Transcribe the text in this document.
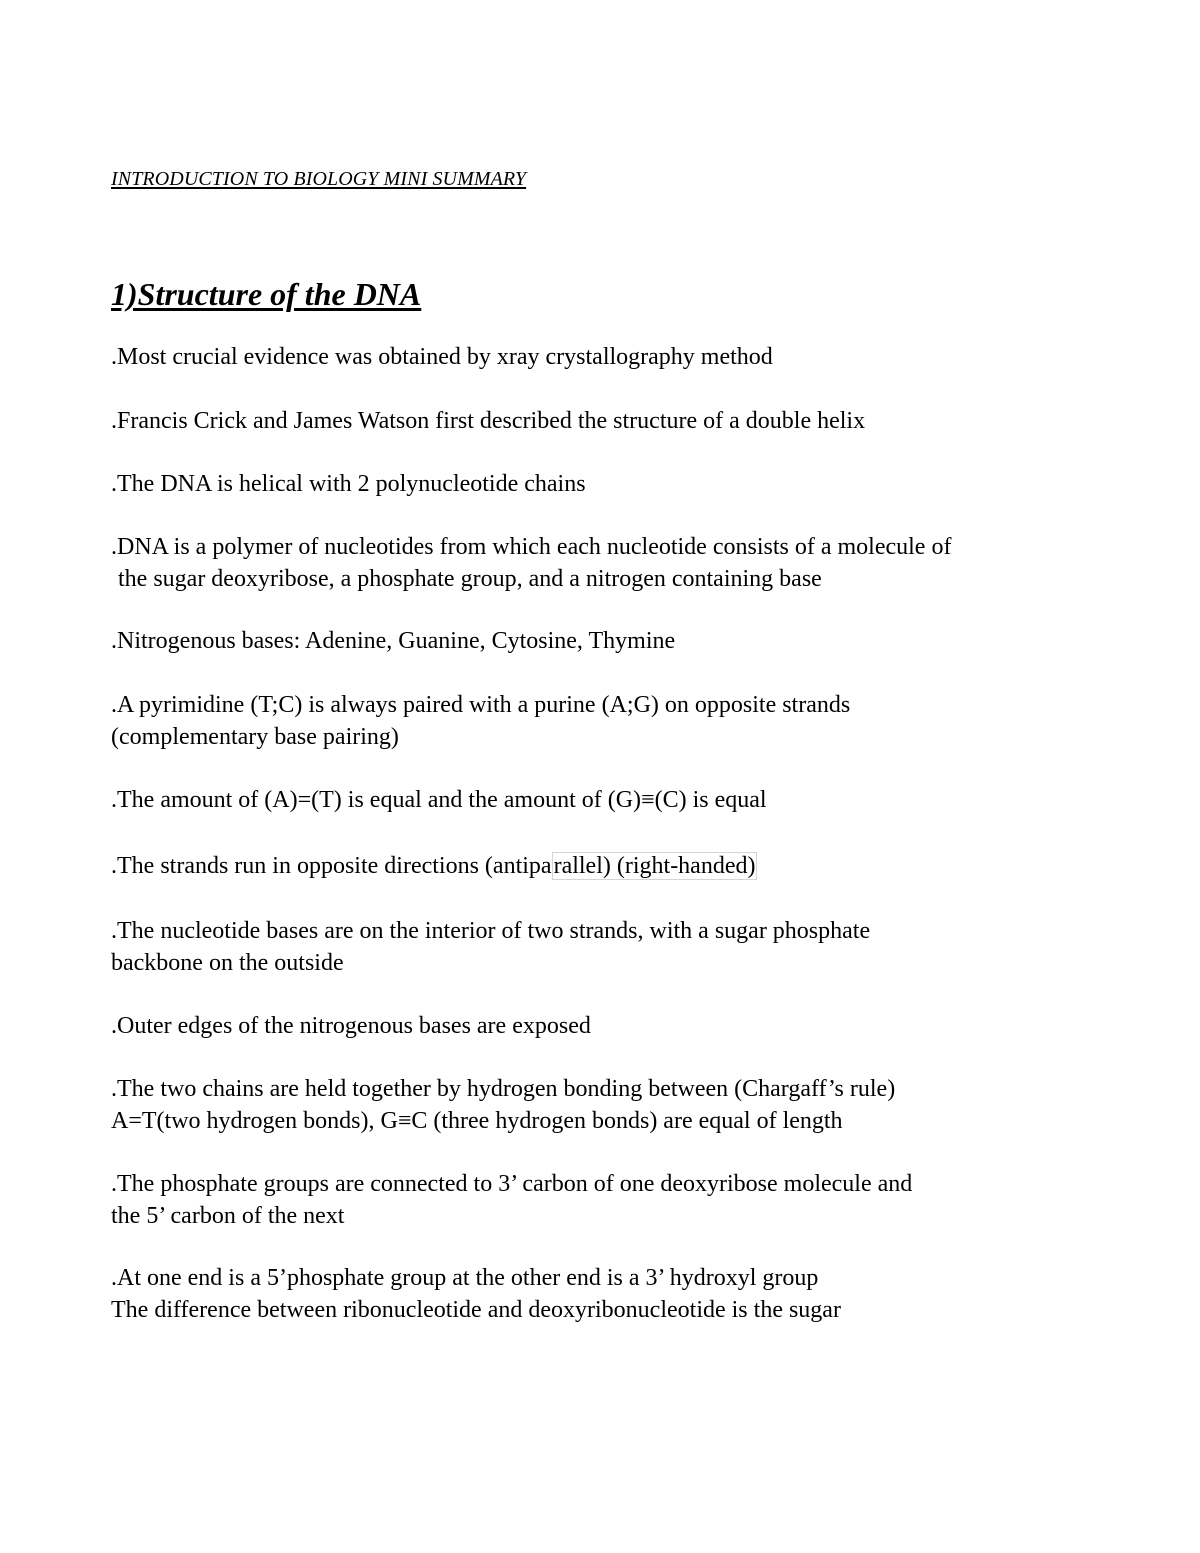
INTRODUCTION TO BIOLOGY MINI SUMMARY
1)Structure of the DNA
.Most crucial evidence was obtained by xray crystallography method
.Francis Crick and James Watson first described the structure of a double helix
.The DNA is helical with 2 polynucleotide chains
.DNA is a polymer of nucleotides from which each nucleotide consists of a molecule of
the sugar deoxyribose, a phosphate group, and a nitrogen containing base
.Nitrogenous bases: Adenine, Guanine, Cytosine, Thymine
.A pyrimidine (T;C) is always paired with a purine (A;G) on opposite strands
(complementary base pairing)
.The amount of (A)=(T) is equal and the amount of (G)≡(C) is equal
.The strands run in opposite directions (antiparallel) (right-handed)
.The nucleotide bases are on the interior of two strands, with a sugar phosphate
backbone on the outside
.Outer edges of the nitrogenous bases are exposed
.The two chains are held together by hydrogen bonding between (Chargaff’s rule)
A=T(two hydrogen bonds), G≡C (three hydrogen bonds) are equal of length
.The phosphate groups are connected to 3’ carbon of one deoxyribose molecule and
the 5’ carbon of the next
.At one end is a 5’phosphate group at the other end is a 3’ hydroxyl group
The difference between ribonucleotide and deoxyribonucleotide is the sugar
